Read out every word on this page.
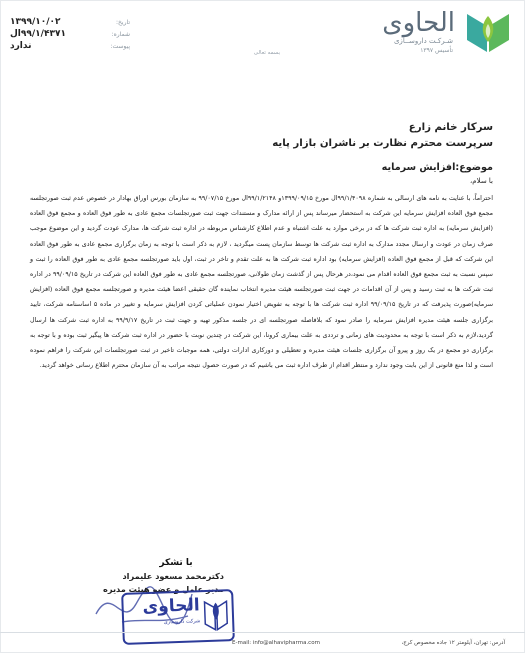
الحاوی
شـرکـت داروســازی
تأسیس ۱۳۹۷
بسمه تعالی
تاریخ:
۱۳۹۹/۱۰/۰۲
شماره:
۹۹/۱/۴۳۷۱ال
پیوست:
ندارد
سرکار خانم زارع
سرپرست محترم نظارت بر ناشران بازار پایه
موضوع:افزایش سرمایه
با سلام،
احتراماً، با عنایت به نامه های ارسالی به شماره ۹۹/۱/۴۰۹۸ال مورخ ۱۳۹۹/۰۹/۱۵و ۹۹/۱/۲۱۴۸ال مورخ ۹۹/۰۷/۱۵ به سازمان بورس اوراق بهادار در خصوص عدم ثبت صورتجلسه مجمع فوق العاده افزایش سرمایه این شرکت به استحضار میرساند پس از ارائه مدارک و مستندات جهت ثبت صورتجلسات مجمع عادی به طور فوق العاده و مجمع فوق العاده (افزایش سرمایه) به اداره ثبت شرکت ها که در برخی موارد به علت اشتباه و عدم اطلاع کارشناس مربوطه در اداره ثبت شرکت ها، مدارک عودت گردید و این موضوع موجب صرف زمان در عودت و ارسال مجدد مدارک به اداره ثبت شرکت ها توسط سازمان پست میگردید ، لازم به ذکر است با توجه به زمان برگزاری مجمع عادی به طور فوق العاده این شرکت که قبل از مجمع فوق العاده (افزایش سرمایه) بود اداره ثبت شرکت ها به علت تقدم و تاخر در ثبت، اول باید صورتجلسه مجمع عادی به طور فوق العاده را ثبت و سپس نسبت به ثبت مجمع فوق العاده اقدام می نمود،در هرحال پس از گذشت زمان طولانی، صورتجلسه مجمع عادی به طور فوق العاده این شرکت در تاریخ ۹۹/۰۹/۱۵ در اداره ثبت شرکت ها به ثبت رسید و پس از آن اقدامات در جهت ثبت صورتجلسه هیئت مدیره انتخاب نماینده گان حقیقی اعضا هیئت مدیره و صورتجلسه مجمع فوق العاده (افزایش سرمایه)صورت پذیرفت که در تاریخ ۹۹/۰۹/۱۵ اداره ثبت شرکت ها با توجه به تفویض اختیار نمودن عملیاتی کردن افزایش سرمایه و تغییر در ماده ۵ اساسنامه شرکت، تایید برگزاری جلسه هیئت مدیره افزایش سرمایه را صادر نمود که بلافاصله صورتجلسه ای در جلسه مذکور تهیه و جهت ثبت در تاریخ ۹۹/۹/۱۷ به اداره ثبت شرکت ها ارسال گردید،لازم به ذکر است با توجه به محدودیت های زمانی و ترددی به علت بیماری کرونا، این شرکت در چندین نوبت با حضور در اداره ثبت شرکت ها پیگیر ثبت بوده و با توجه به برگزاری دو مجمع در یک روز و پیرو آن برگزاری جلسات هیئت مدیره و تعطیلی و دورکاری ادارات دولتی، همه موجبات تاخیر در ثبت صورتجلسات این شرکت را فراهم نموده است و لذا منع قانونی از این بابت وجود ندارد و منتظر اقدام از طرف اداره ثبت می باشیم که در صورت حصول نتیجه مراتب به آن سازمان محترم اطلاع رسانی خواهد گردید.
با تشکر
دکترمحمد مسعود علیمراد
مدیر عامل و عضو هیئت مدیره
الحاوی
شرکت داروسازی
آدرس: تهران، آیلومتر ۱۲ جاده مخصوص کرج،
E-mail: info@alhavipharma.com
